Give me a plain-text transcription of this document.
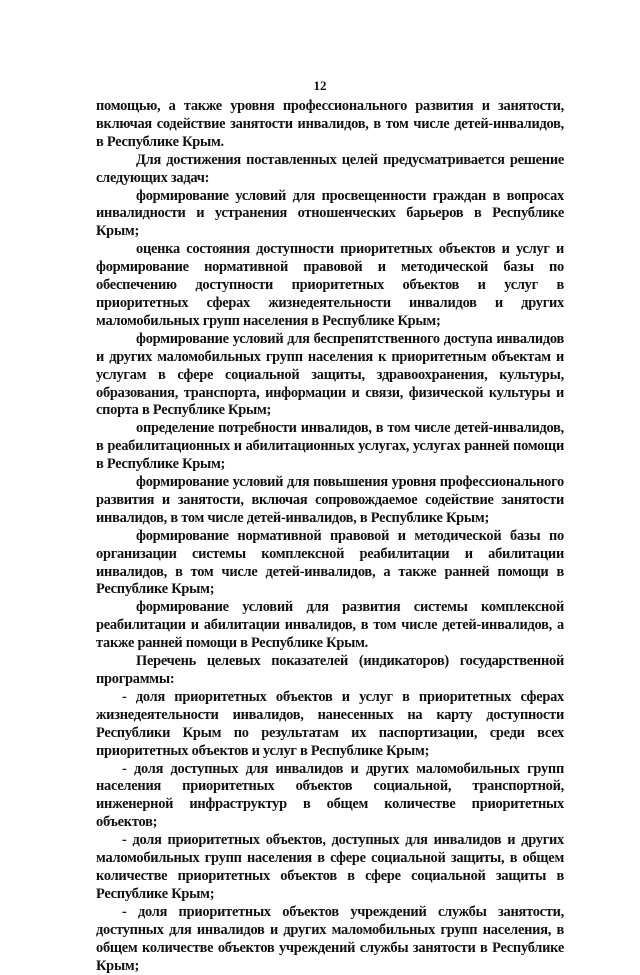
12

помощью, а также уровня профессионального развития и занятости, включая содействие занятости инвалидов, в том числе детей-инвалидов, в Республике Крым.

Для достижения поставленных целей предусматривается решение следующих задач:

формирование условий для просвещенности граждан в вопросах инвалидности и устранения отношенческих барьеров в Республике Крым;

оценка состояния доступности приоритетных объектов и услуг и формирование нормативной правовой и методической базы по обеспечению доступности приоритетных объектов и услуг в приоритетных сферах жизнедеятельности инвалидов и других маломобильных групп населения в Республике Крым;

формирование условий для беспрепятственного доступа инвалидов и других маломобильных групп населения к приоритетным объектам и услугам в сфере социальной защиты, здравоохранения, культуры, образования, транспорта, информации и связи, физической культуры и спорта в Республике Крым;

определение потребности инвалидов, в том числе детей-инвалидов, в реабилитационных и абилитационных услугах, услугах ранней помощи в Республике Крым;

формирование условий для повышения уровня профессионального развития и занятости, включая сопровождаемое содействие занятости инвалидов, в том числе детей-инвалидов, в Республике Крым;

формирование нормативной правовой и методической базы по организации системы комплексной реабилитации и абилитации инвалидов, в том числе детей-инвалидов, а также ранней помощи в Республике Крым;

формирование условий для развития системы комплексной реабилитации и абилитации инвалидов, в том числе детей-инвалидов, а также ранней помощи в Республике Крым.

Перечень целевых показателей (индикаторов) государственной программы:

- доля приоритетных объектов и услуг в приоритетных сферах жизнедеятельности инвалидов, нанесенных на карту доступности Республики Крым по результатам их паспортизации, среди всех приоритетных объектов и услуг в Республике Крым;

- доля доступных для инвалидов и других маломобильных групп населения приоритетных объектов социальной, транспортной, инженерной инфраструктур в общем количестве приоритетных объектов;

- доля приоритетных объектов, доступных для инвалидов и других маломобильных групп населения в сфере социальной защиты, в общем количестве приоритетных объектов в сфере социальной защиты в Республике Крым;

- доля приоритетных объектов учреждений службы занятости, доступных для инвалидов и других маломобильных групп населения, в общем количестве объектов учреждений службы занятости в Республике Крым;
